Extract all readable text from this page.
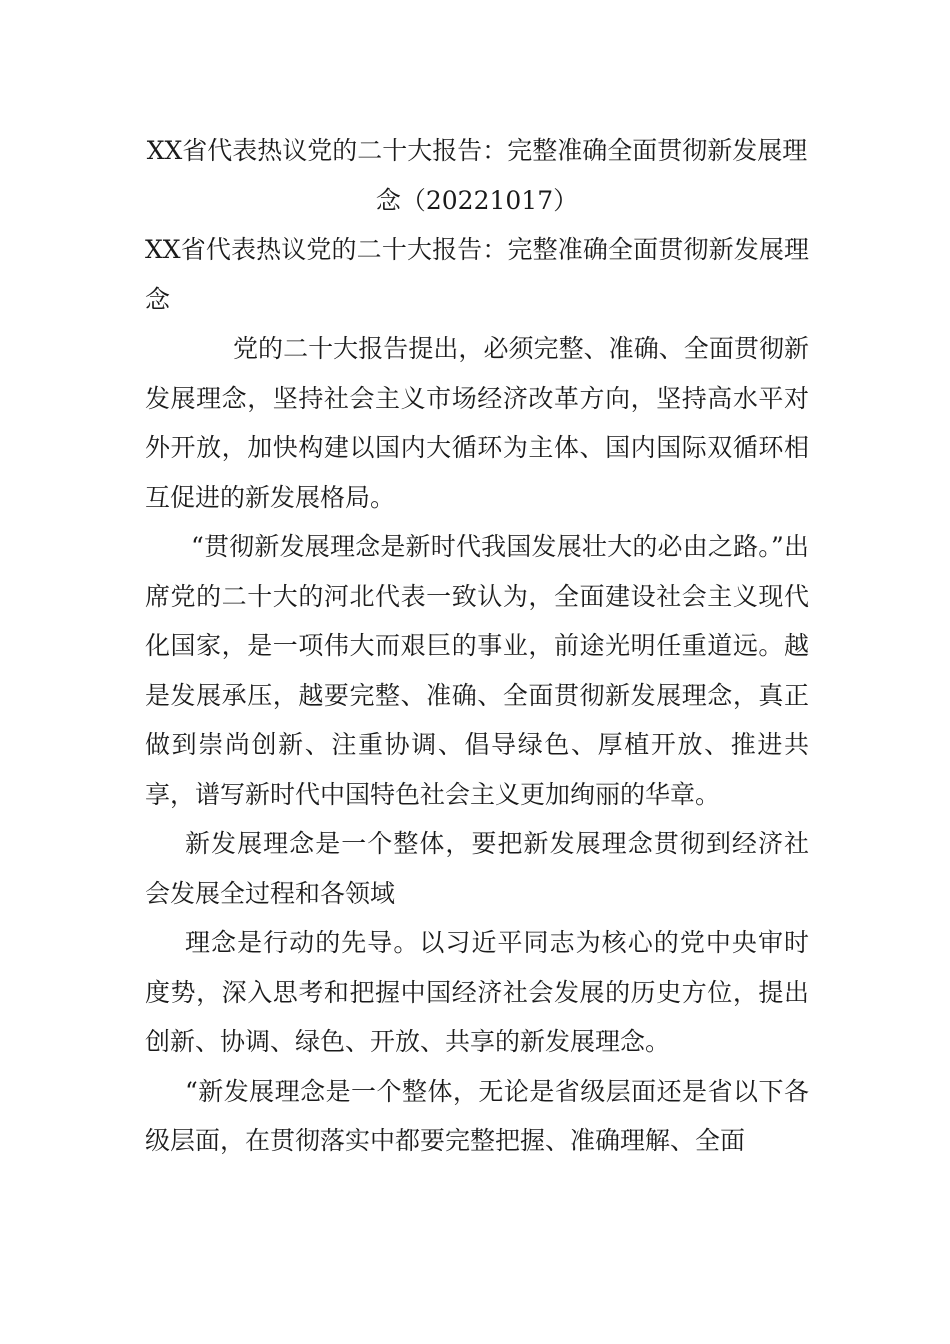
XX省代表热议党的二十大报告：完整准确全面贯彻新发展理念（20221017）

XX省代表热议党的二十大报告：完整准确全面贯彻新发展理念

党的二十大报告提出，必须完整、准确、全面贯彻新发展理念，坚持社会主义市场经济改革方向，坚持高水平对外开放，加快构建以国内大循环为主体、国内国际双循环相互促进的新发展格局。

“贯彻新发展理念是新时代我国发展壮大的必由之路。”出席党的二十大的河北代表一致认为，全面建设社会主义现代化国家，是一项伟大而艰巨的事业，前途光明任重道远。越是发展承压，越要完整、准确、全面贯彻新发展理念，真正做到崇尚创新、注重协调、倡导绿色、厚植开放、推进共享，谱写新时代中国特色社会主义更加绚丽的华章。

新发展理念是一个整体，要把新发展理念贯彻到经济社会发展全过程和各领域

理念是行动的先导。以习近平同志为核心的党中央审时度势，深入思考和把握中国经济社会发展的历史方位，提出创新、协调、绿色、开放、共享的新发展理念。

“新发展理念是一个整体，无论是省级层面还是省以下各级层面，在贯彻落实中都要完整把握、准确理解、全面
